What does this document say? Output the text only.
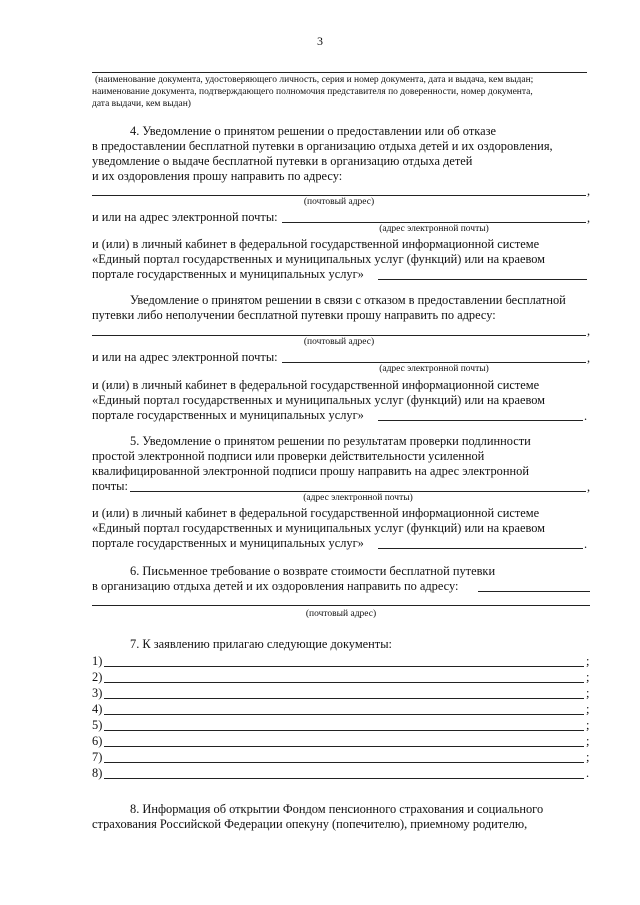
3
(наименование документа, удостоверяющего личность, серия и номер документа, дата и выдача, кем выдан;
наименование документа, подтверждающего полномочия представителя по доверенности, номер документа,
дата выдачи, кем выдан)
4. Уведомление о принятом решении о предоставлении или об отказе
в предоставлении бесплатной путевки в организацию отдыха детей и их оздоровления,
уведомление о выдаче бесплатной путевки в организацию отдыха детей
и их оздоровления прошу направить по адресу:
,
(почтовый адрес)
и или на адрес электронной почты:	,
(адрес электронной почты)
и (или) в личный кабинет в федеральной государственной информационной системе
«Единый портал государственных и муниципальных услуг (функций) или на краевом
портале государственных и муниципальных услуг»
Уведомление о принятом решении в связи с отказом в предоставлении бесплатной
путевки либо неполучении бесплатной путевки прошу направить по адресу:
,
(почтовый адрес)
и или на адрес электронной почты:	,
(адрес электронной почты)
и (или) в личный кабинет в федеральной государственной информационной системе
«Единый портал государственных и муниципальных услуг (функций) или на краевом
портале государственных и муниципальных услуг»	.
5. Уведомление о принятом решении по результатам проверки подлинности
простой электронной подписи или проверки действительности усиленной
квалифицированной электронной подписи прошу направить на адрес электронной
почты:	,
(адрес электронной почты)
и (или) в личный кабинет в федеральной государственной информационной системе
«Единый портал государственных и муниципальных услуг (функций) или на краевом
портале государственных и муниципальных услуг»	.
6. Письменное требование о возврате стоимости бесплатной путевки
в организацию отдыха детей и их оздоровления направить по адресу:
(почтовый адрес)
7. К заявлению прилагаю следующие документы:
1)	;
2)	;
3)	;
4)	;
5)	;
6)	;
7)	;
8)	.
8. Информация об открытии Фондом пенсионного страхования и социального
страхования Российской Федерации опекуну (попечителю), приемному родителю,
